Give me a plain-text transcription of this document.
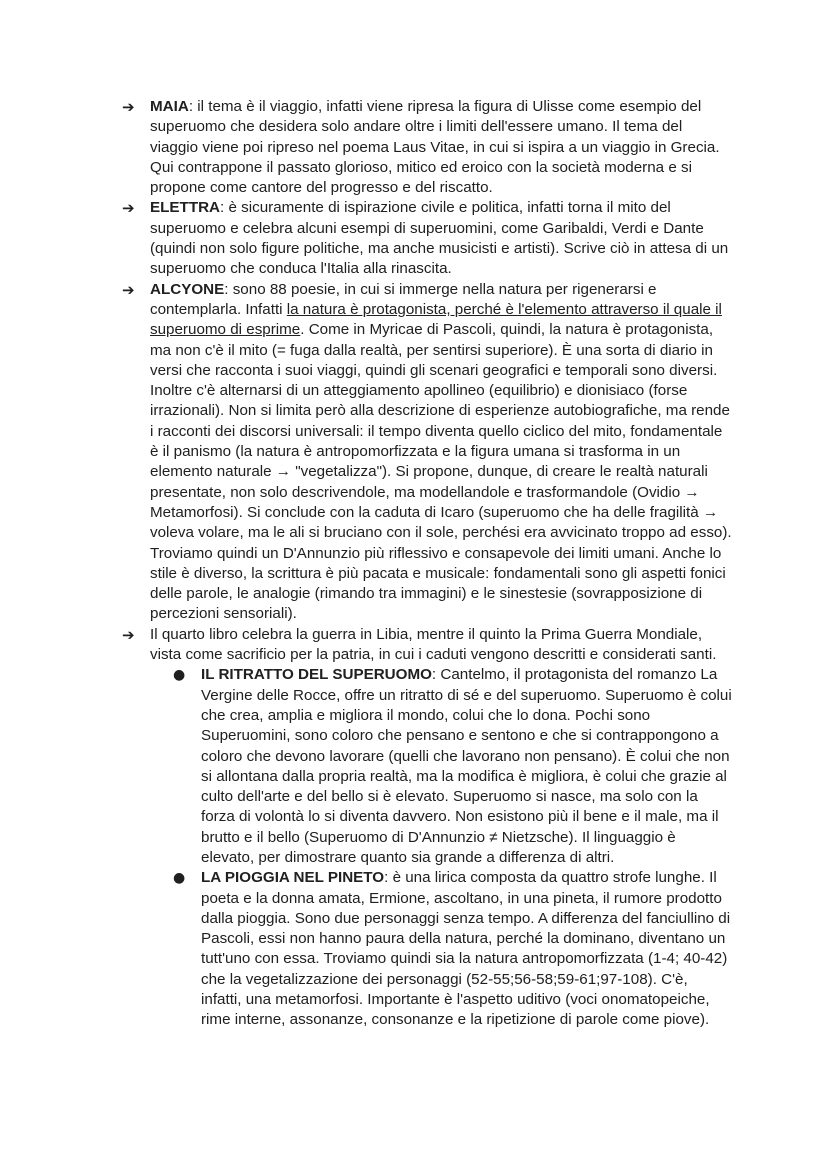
➔ MAIA: il tema è il viaggio, infatti viene ripresa la figura di Ulisse come esempio del superuomo che desidera solo andare oltre i limiti dell'essere umano. Il tema del viaggio viene poi ripreso nel poema Laus Vitae, in cui si ispira a un viaggio in Grecia. Qui contrappone il passato glorioso, mitico ed eroico con la società moderna e si propone come cantore del progresso e del riscatto.

➔ ELETTRA: è sicuramente di ispirazione civile e politica, infatti torna il mito del superuomo e celebra alcuni esempi di superuomini, come Garibaldi, Verdi e Dante (quindi non solo figure politiche, ma anche musicisti e artisti). Scrive ciò in attesa di un superuomo che conduca l'Italia alla rinascita.

➔ ALCYONE: sono 88 poesie, in cui si immerge nella natura per rigenerarsi e contemplarla. Infatti la natura è protagonista, perché è l'elemento attraverso il quale il superuomo di esprime. Come in Myricae di Pascoli, quindi, la natura è protagonista, ma non c'è il mito (= fuga dalla realtà, per sentirsi superiore). È una sorta di diario in versi che racconta i suoi viaggi, quindi gli scenari geografici e temporali sono diversi. Inoltre c'è alternarsi di un atteggiamento apollineo (equilibrio) e dionisiaco (forse irrazionali). Non si limita però alla descrizione di esperienze autobiografiche, ma rende i racconti dei discorsi universali: il tempo diventa quello ciclico del mito, fondamentale è il panismo (la natura è antropomorfizzata e la figura umana si trasforma in un elemento naturale → "vegetalizza"). Si propone, dunque, di creare le realtà naturali presentate, non solo descrivendole, ma modellandole e trasformandole (Ovidio → Metamorfosi). Si conclude con la caduta di Icaro (superuomo che ha delle fragilità → voleva volare, ma le ali si bruciano con il sole, perchési era avvicinato troppo ad esso). Troviamo quindi un D'Annunzio più riflessivo e consapevole dei limiti umani. Anche lo stile è diverso, la scrittura è più pacata e musicale: fondamentali sono gli aspetti fonici delle parole, le analogie (rimando tra immagini) e le sinestesie (sovrapposizione di percezioni sensoriali).

➔ Il quarto libro celebra la guerra in Libia, mentre il quinto la Prima Guerra Mondiale, vista come sacrificio per la patria, in cui i caduti vengono descritti e considerati santi.

● IL RITRATTO DEL SUPERUOMO: Cantelmo, il protagonista del romanzo La Vergine delle Rocce, offre un ritratto di sé e del superuomo. Superuomo è colui che crea, amplia e migliora il mondo, colui che lo dona. Pochi sono Superuomini, sono coloro che pensano e sentono e che si contrappongono a coloro che devono lavorare (quelli che lavorano non pensano). È colui che non si allontana dalla propria realtà, ma la modifica è migliora, è colui che grazie al culto dell'arte e del bello si è elevato. Superuomo si nasce, ma solo con la forza di volontà lo si diventa davvero. Non esistono più il bene e il male, ma il brutto e il bello (Superuomo di D'Annunzio ≠ Nietzsche). Il linguaggio è elevato, per dimostrare quanto sia grande a differenza di altri.

● LA PIOGGIA NEL PINETO: è una lirica composta da quattro strofe lunghe. Il poeta e la donna amata, Ermione, ascoltano, in una pineta, il rumore prodotto dalla pioggia. Sono due personaggi senza tempo. A differenza del fanciullino di Pascoli, essi non hanno paura della natura, perché la dominano, diventano un tutt'uno con essa. Troviamo quindi sia la natura antropomorfizzata (1-4; 40-42) che la vegetalizzazione dei personaggi (52-55;56-58;59-61;97-108). C'è, infatti, una metamorfosi. Importante è l'aspetto uditivo (voci onomatopeiche, rime interne, assonanze, consonanze e la ripetizione di parole come piove).
